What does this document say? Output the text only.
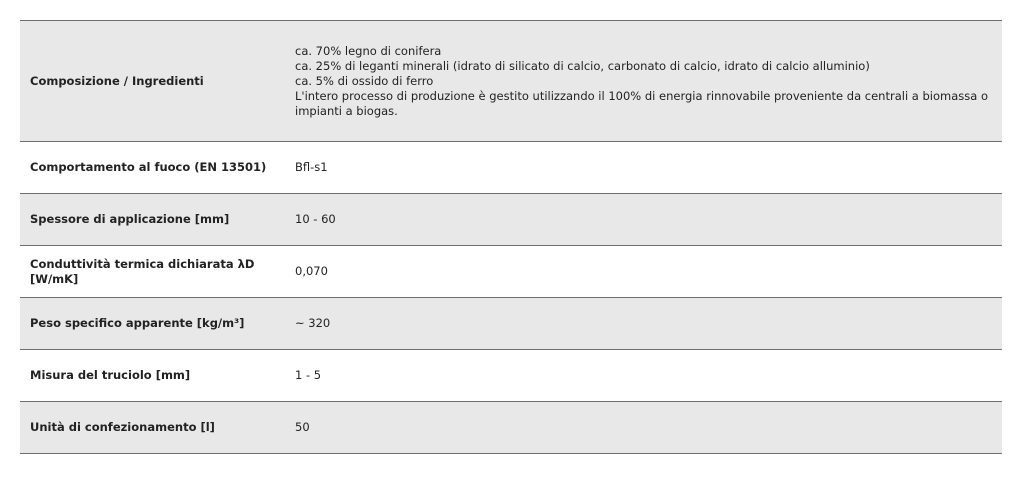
Composizione / Ingredienti	ca. 70% legno di conifera
ca. 25% di leganti minerali (idrato di silicato di calcio, carbonato di calcio, idrato di calcio alluminio)
ca. 5% di ossido di ferro
L'intero processo di produzione è gestito utilizzando il 100% di energia rinnovabile proveniente da centrali a biomassa o impianti a biogas.

Comportamento al fuoco (EN 13501)	Bfl-s1
Spessore di applicazione [mm]	10 - 60
Conduttività termica dichiarata λD [W/mK]	0,070
Peso specifico apparente [kg/m³]	~ 320
Misura del truciolo [mm]	1 - 5
Unità di confezionamento [l]	50
